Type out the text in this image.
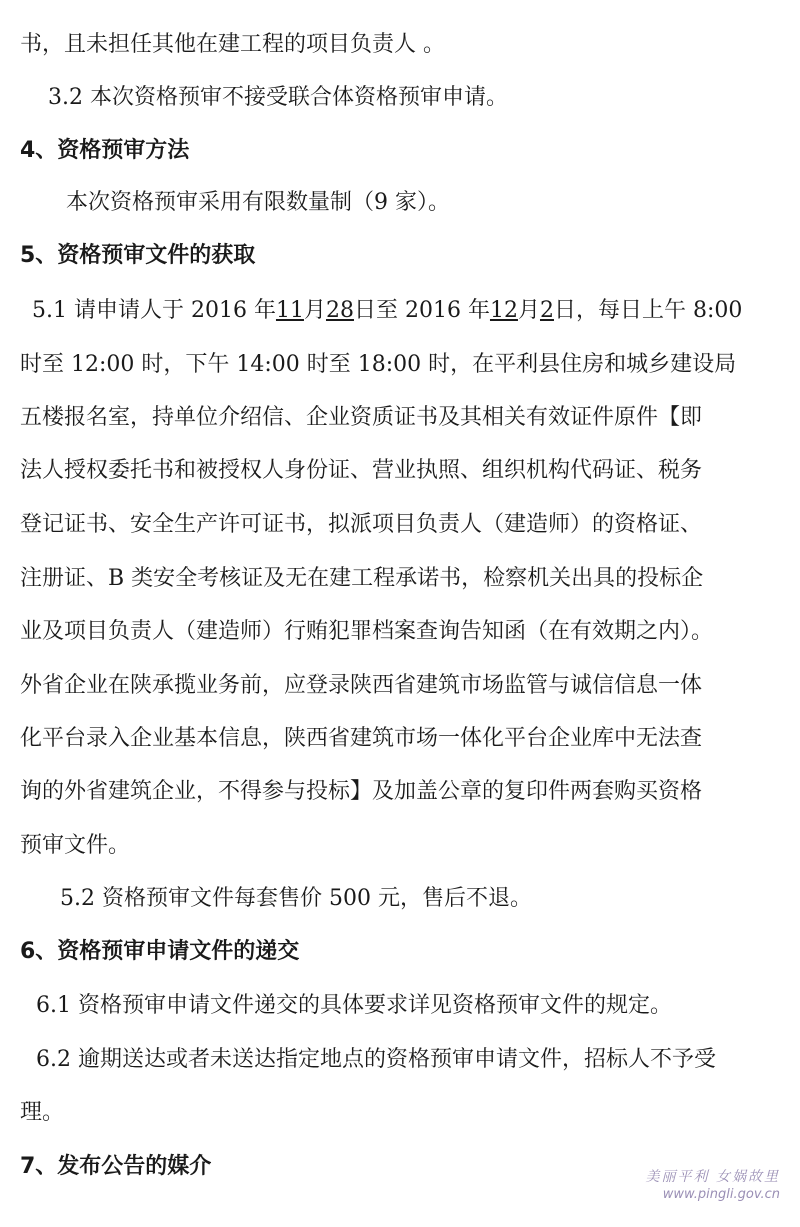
书，且未担任其他在建工程的项目负责人 。
3.2 本次资格预审不接受联合体资格预审申请。
4、资格预审方法
本次资格预审采用有限数量制（9 家）。
5、资格预审文件的获取
5.1 请申请人于 2016 年11月28日至 2016 年12月2日，每日上午 8:00
时至 12:00 时，下午 14:00 时至 18:00 时，在平利县住房和城乡建设局
五楼报名室，持单位介绍信、企业资质证书及其相关有效证件原件【即
法人授权委托书和被授权人身份证、营业执照、组织机构代码证、税务
登记证书、安全生产许可证书，拟派项目负责人（建造师）的资格证、
注册证、B 类安全考核证及无在建工程承诺书，检察机关出具的投标企
业及项目负责人（建造师）行贿犯罪档案查询告知函（在有效期之内）。
外省企业在陕承揽业务前，应登录陕西省建筑市场监管与诚信信息一体
化平台录入企业基本信息，陕西省建筑市场一体化平台企业库中无法查
询的外省建筑企业，不得参与投标】及加盖公章的复印件两套购买资格
预审文件。
5.2 资格预审文件每套售价 500 元，售后不退。
6、资格预审申请文件的递交
6.1 资格预审申请文件递交的具体要求详见资格预审文件的规定。
6.2 逾期送达或者未送达指定地点的资格预审申请文件，招标人不予受
理。
7、发布公告的媒介	美丽平利 女娲故里
www.pingli.gov.cn
